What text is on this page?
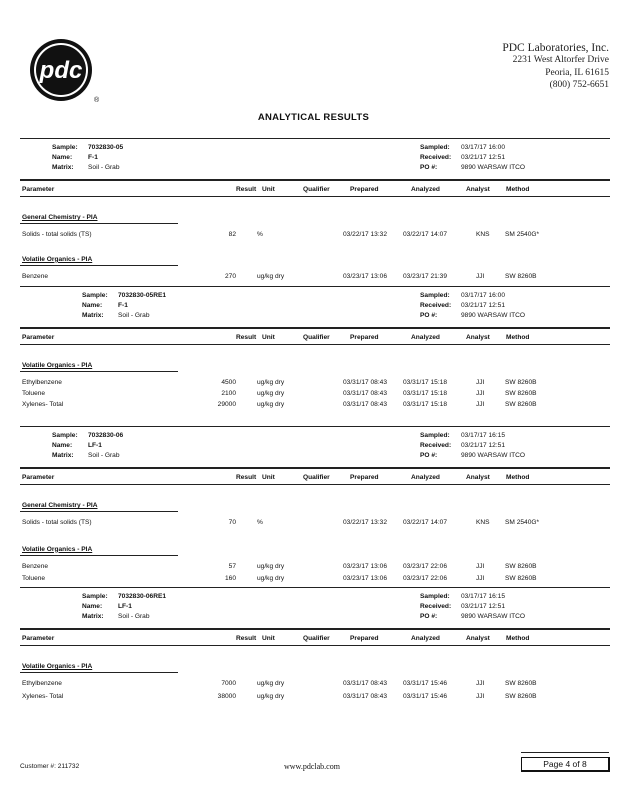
pdc
®
PDC Laboratories, Inc.
2231 West Altorfer Drive
Peoria, IL 61615
(800) 752-6651
ANALYTICAL RESULTS
Sample: 7032830-05
Name: F-1
Matrix: Soil - Grab
Sampled: 03/17/17 16:00
Received: 03/21/17 12:51
PO #:	9890 WARSAW ITCO
Parameter	Result Unit	Qualifier	Prepared	Analyzed	Analyst Method
General Chemistry - PIA
Solids - total solids (TS)	82	%	03/22/17 13:32 03/22/17 14:07	KNS SM 2540G*
Volatile Organics - PIA
Benzene	270	ug/kg dry	03/23/17 13:06 03/23/17 21:39	JJI	SW 8260B
Sample: 7032830-05RE1
Name: F-1
Matrix: Soil - Grab
Sampled: 03/17/17 16:00
Received: 03/21/17 12:51
PO #:	9890 WARSAW ITCO
Parameter	Result Unit	Qualifier	Prepared	Analyzed	Analyst Method
Volatile Organics - PIA
Ethylbenzene	4500	ug/kg dry	03/31/17 08:43 03/31/17 15:18	JJI	SW 8260B
Toluene	2100	ug/kg dry	03/31/17 08:43 03/31/17 15:18	JJI	SW 8260B
Xylenes- Total	29000	ug/kg dry	03/31/17 08:43 03/31/17 15:18	JJI	SW 8260B
Sample: 7032830-06
Name: LF-1
Matrix: Soil - Grab
Sampled: 03/17/17 16:15
Received: 03/21/17 12:51
PO #:	9890 WARSAW ITCO
Parameter	Result Unit	Qualifier	Prepared	Analyzed	Analyst Method
General Chemistry - PIA
Solids - total solids (TS)	70	%	03/22/17 13:32 03/22/17 14:07	KNS SM 2540G*
Volatile Organics - PIA
Benzene	57	ug/kg dry	03/23/17 13:06 03/23/17 22:06	JJI	SW 8260B
Toluene	160	ug/kg dry	03/23/17 13:06 03/23/17 22:06	JJI	SW 8260B
Sample: 7032830-06RE1
Name: LF-1
Matrix: Soil - Grab
Sampled: 03/17/17 16:15
Received: 03/21/17 12:51
PO #:	9890 WARSAW ITCO
Parameter	Result Unit	Qualifier	Prepared	Analyzed	Analyst Method
Volatile Organics - PIA
Ethylbenzene	7000	ug/kg dry	03/31/17 08:43 03/31/17 15:46	JJI	SW 8260B
Xylenes- Total	38000	ug/kg dry	03/31/17 08:43 03/31/17 15:46	JJI	SW 8260B
Customer #: 211732	www.pdclab.com	Page 4 of 8
